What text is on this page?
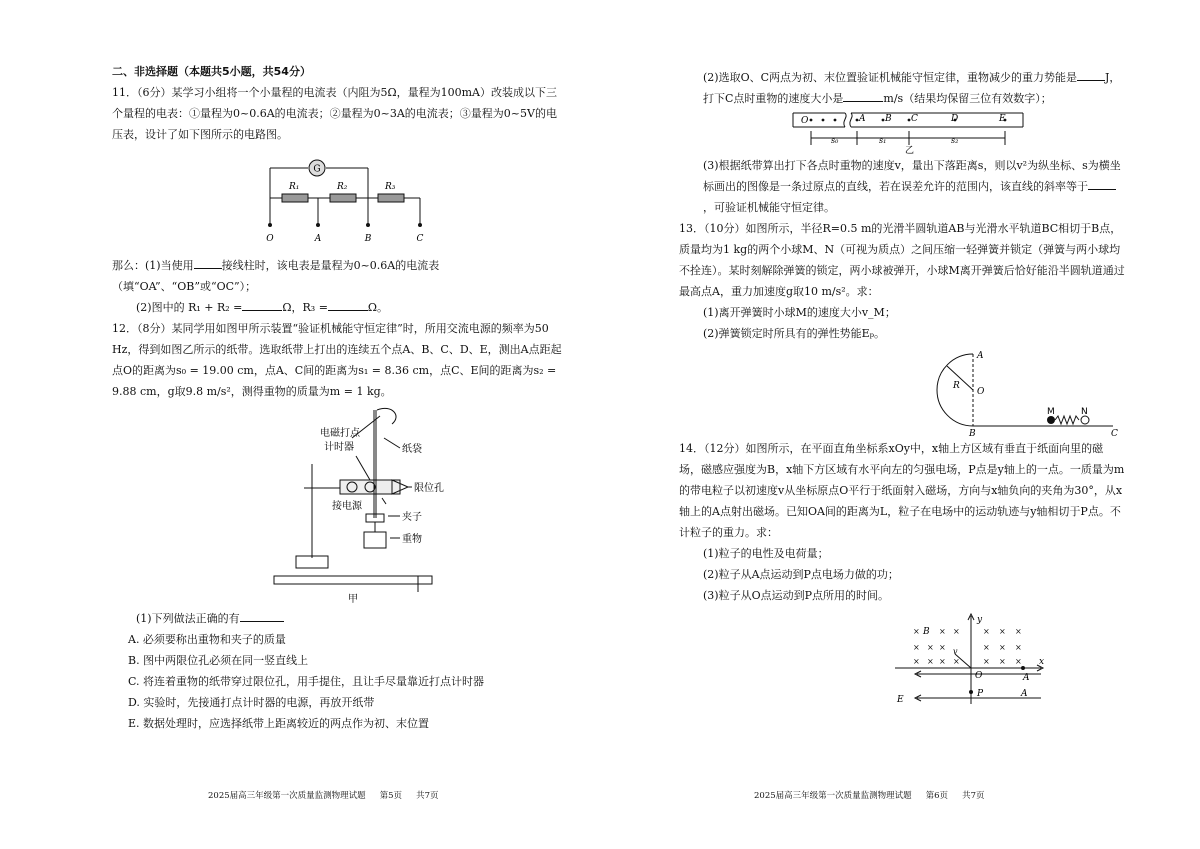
二、非选择题（本题共5小题，共54分）

11．（6分）某学习小组将一个小量程的电流表（内阻为5Ω，量程为100mA）改装成以下三个量程的电表：①量程为0~0.6A的电流表；②量程为0~3A的电流表；③量程为0~5V的电压表，设计了如下图所示的电路图。

G
R₁	R₂	R₃
O	A	B	C

那么：(1)当使用	接线柱时，该电表是量程为0~0.6A的电流表（填“OA”、“OB”或“OC”）；

(2)图中的 R₁ + R₂ =	Ω，R₃ =	Ω。

12．（8分）某同学用如图甲所示装置“验证机械能守恒定律”时，所用交流电源的频率为50 Hz，得到如图乙所示的纸带。选取纸带上打出的连续五个点A、B、C、D、E，测出A点距起点O的距离为s₀ = 19.00 cm，点A、C间的距离为s₁ = 8.36 cm，点C、E间的距离为s₂ = 9.88 cm，g取9.8 m/s²，测得重物的质量为m = 1 kg。

电磁打点
计时器	纸袋
限位孔
接电源
夹子
重物
甲

(1)下列做法正确的有

A. 必须要称出重物和夹子的质量

B. 图中两限位孔必须在同一竖直线上

C. 将连着重物的纸带穿过限位孔，用手提住，且让手尽量靠近打点计时器

D. 实验时，先接通打点计时器的电源，再放开纸带

E. 数据处理时，应选择纸带上距离较近的两点作为初、末位置

2025届高三年级第一次质量监测物理试题 第5页 共7页

(2)选取O、C两点为初、末位置验证机械能守恒定律，重物减少的重力势能是	J，打下C点时重物的速度大小是	m/s（结果均保留三位有效数字）；

O	A B C	D	E
s₀	s₁	s₂
乙

(3)根据纸带算出打下各点时重物的速度v，量出下落距离s，则以v²为纵坐标、s为横坐标画出的图像是一条过原点的直线，若在误差允许的范围内，该直线的斜率等于，可验证机械能守恒定律。

13．（10分）如图所示，半径R=0.5 m的光滑半圆轨道AB与光滑水平轨道BC相切于B点，质量均为1 kg的两个小球M、N（可视为质点）之间压缩一轻弹簧并锁定（弹簧与两小球均不拴连）。某时刻解除弹簧的锁定，两小球被弹开，小球M离开弹簧后恰好能沿半圆轨道通过最高点A，重力加速度g取10 m/s²。求：

(1)离开弹簧时小球M的速度大小v_M；

(2)弹簧锁定时所具有的弹性势能Eₚ。

A
R
O
B
M	N
C

14．（12分）如图所示，在平面直角坐标系xOy中，x轴上方区域有垂直于纸面向里的磁场，磁感应强度为B，x轴下方区域有水平向左的匀强电场，P点是y轴上的一点。一质量为m的带电粒子以初速度v从坐标原点O平行于纸面射入磁场，方向与x轴负向的夹角为30°，从x轴上的A点射出磁场。已知OA间的距离为L，粒子在电场中的运动轨迹与y轴相切于P点。不计粒子的重力。求：

(1)粒子的电性及电荷量；

(2)粒子从A点运动到P点电场力做的功；

(3)粒子从O点运动到P点所用的时间。

× × ×	× × ×
× × ×	× × ×
× × × ×	× × ×
y
x
B
v
O	A
E
P	A
2025届高三年级第一次质量监测物理试题 第6页 共7页
